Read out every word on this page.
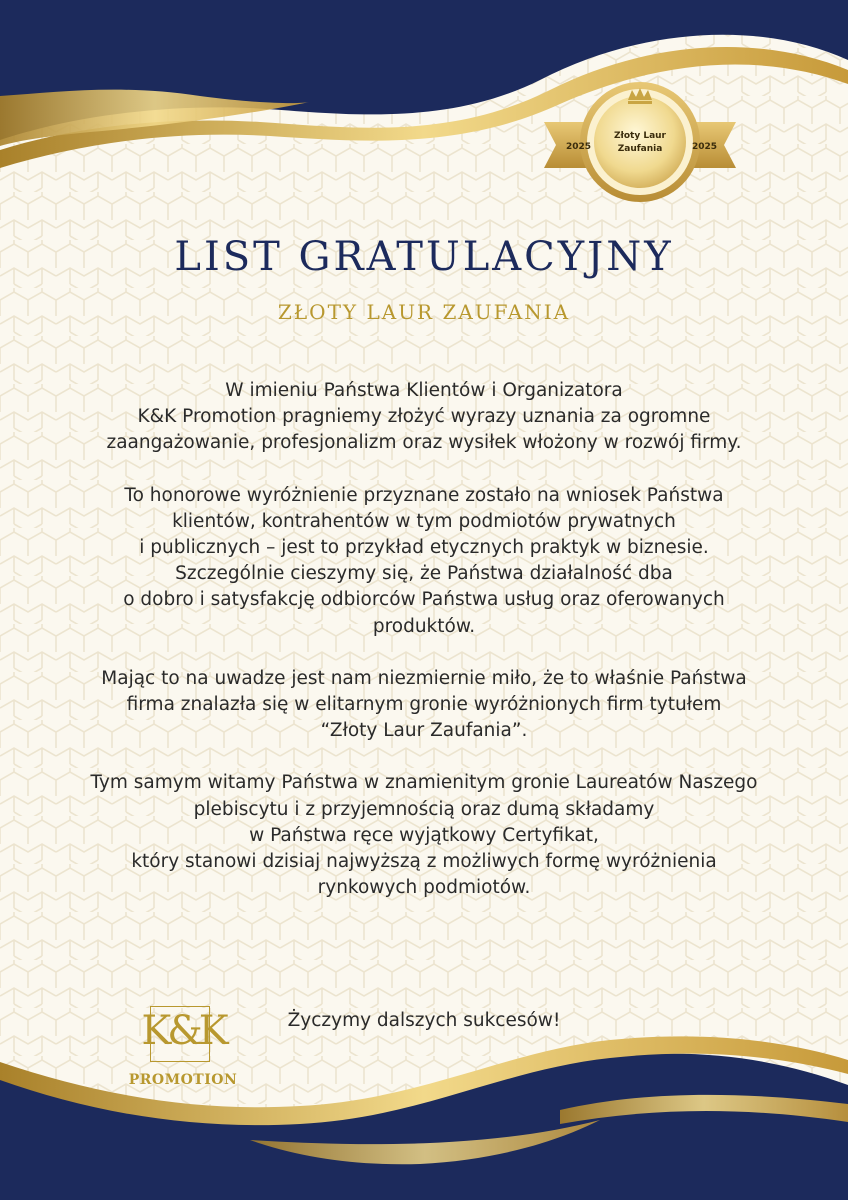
2025	2025
Złoty Laur
Zaufania
LIST GRATULACYJNY
ZŁOTY LAUR ZAUFANIA

W imieniu Państwa Klientów i Organizatora
K&K Promotion pragniemy złożyć wyrazy uznania za ogromne
zaangażowanie, profesjonalizm oraz wysiłek włożony w rozwój firmy.

To honorowe wyróżnienie przyznane zostało na wniosek Państwa
klientów, kontrahentów w tym podmiotów prywatnych
i publicznych – jest to przykład etycznych praktyk w biznesie.
Szczególnie cieszymy się, że Państwa działalność dba
o dobro i satysfakcję odbiorców Państwa usług oraz oferowanych
produktów.

Mając to na uwadze jest nam niezmiernie miło, że to właśnie Państwa
firma znalazła się w elitarnym gronie wyróżnionych firm tytułem
“Złoty Laur Zaufania”.

Tym samym witamy Państwa w znamienitym gronie Laureatów Naszego
plebiscytu i z przyjemnością oraz dumą składamy
w Państwa ręce wyjątkowy Certyfikat,
który stanowi dzisiaj najwyższą z możliwych formę wyróżnienia
rynkowych podmiotów.

Życzymy dalszych sukcesów!
K&K
PROMOTION
